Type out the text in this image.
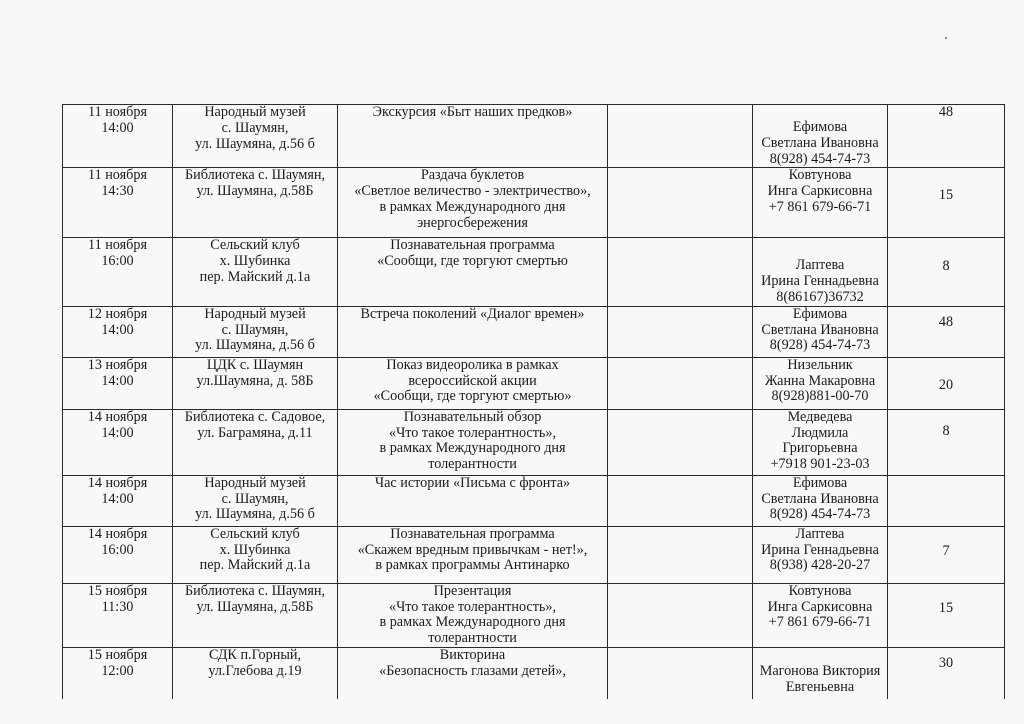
11 ноября
14:00	Народный музей
с. Шаумян,
ул. Шаумяна, д.56 б	Экскурсия «Быт наших предков»		Ефимова
Светлана Ивановна
8(928) 454-74-73	48

11 ноября
14:30	Библиотека с. Шаумян,
ул. Шаумяна, д.58Б	Раздача буклетов
«Светлое величество - электричество»,
в рамках Международного дня
энергосбережения		Ковтунова
Инга Саркисовна
+7 861 679-66-71	15

11 ноября
16:00	Сельский клуб
х. Шубинка
пер. Майский д.1а	Познавательная программа
«Сообщи, где торгуют смертью		Лаптева
Ирина Геннадьевна
8(86167)36732	8

12 ноября
14:00	Народный музей
с. Шаумян,
ул. Шаумяна, д.56 б	Встреча поколений «Диалог времен»		Ефимова
Светлана Ивановна
8(928) 454-74-73	48

13 ноября
14:00	ЦДК с. Шаумян
ул.Шаумяна, д. 58Б	Показ видеоролика в рамках
всероссийской акции
«Сообщи, где торгуют смертью»		Низельник
Жанна Макаровна
8(928)881-00-70	20

14 ноября
14:00	Библиотека с. Садовое,
ул. Баграмяна, д.11	Познавательный обзор
«Что такое толерантность»,
в рамках Международного дня
толерантности		Медведева
Людмила
Григорьевна
+7918 901-23-03	8

14 ноября
14:00	Народный музей
с. Шаумян,
ул. Шаумяна, д.56 б	Час истории «Письма с фронта»		Ефимова
Светлана Ивановна
8(928) 454-74-73	

14 ноября
16:00	Сельский клуб
х. Шубинка
пер. Майский д.1а	Познавательная программа
«Скажем вредным привычкам - нет!»,
в рамках программы Антинарко		Лаптева
Ирина Геннадьевна
8(938) 428-20-27	7

15 ноября
11:30	Библиотека с. Шаумян,
ул. Шаумяна, д.58Б	Презентация
«Что такое толерантность»,
в рамках Международного дня
толерантности		Ковтунова
Инга Саркисовна
+7 861 679-66-71	15

15 ноября
12:00	СДК п.Горный,
ул.Глебова д.19	Викторина
«Безопасность глазами детей»,		Магонова Виктория
Евгеньевна	30
